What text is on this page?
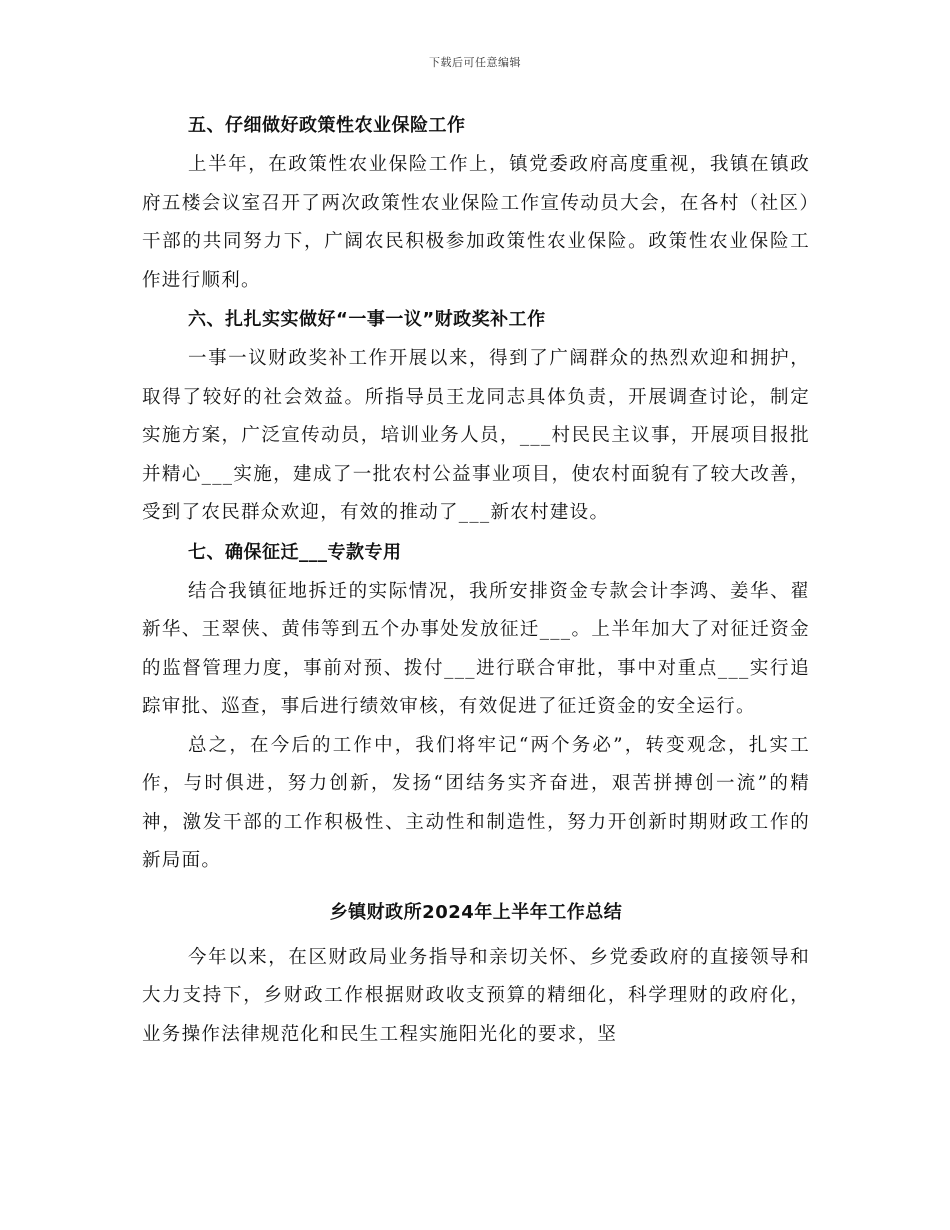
下载后可任意编辑
五、仔细做好政策性农业保险工作

上半年，在政策性农业保险工作上，镇党委政府高度重视，我镇在镇政府五楼会议室召开了两次政策性农业保险工作宣传动员大会，在各村（社区）干部的共同努力下，广阔农民积极参加政策性农业保险。政策性农业保险工作进行顺利。

六、扎扎实实做好“一事一议”财政奖补工作

一事一议财政奖补工作开展以来，得到了广阔群众的热烈欢迎和拥护，取得了较好的社会效益。所指导员王龙同志具体负责，开展调查讨论，制定实施方案，广泛宣传动员，培训业务人员，___村民民主议事，开展项目报批并精心___实施，建成了一批农村公益事业项目，使农村面貌有了较大改善，受到了农民群众欢迎，有效的推动了___新农村建设。

七、确保征迁___专款专用

结合我镇征地拆迁的实际情况，我所安排资金专款会计李鸿、姜华、翟新华、王翠侠、黄伟等到五个办事处发放征迁___。上半年加大了对征迁资金的监督管理力度，事前对预、拨付___进行联合审批，事中对重点___实行追踪审批、巡查，事后进行绩效审核，有效促进了征迁资金的安全运行。

总之，在今后的工作中，我们将牢记“两个务必”，转变观念，扎实工作，与时俱进，努力创新，发扬“团结务实齐奋进，艰苦拼搏创一流”的精神，激发干部的工作积极性、主动性和制造性，努力开创新时期财政工作的新局面。

乡镇财政所2024年上半年工作总结

今年以来，在区财政局业务指导和亲切关怀、乡党委政府的直接领导和大力支持下，乡财政工作根据财政收支预算的精细化，科学理财的政府化，业务操作法律规范化和民生工程实施阳光化的要求，坚
